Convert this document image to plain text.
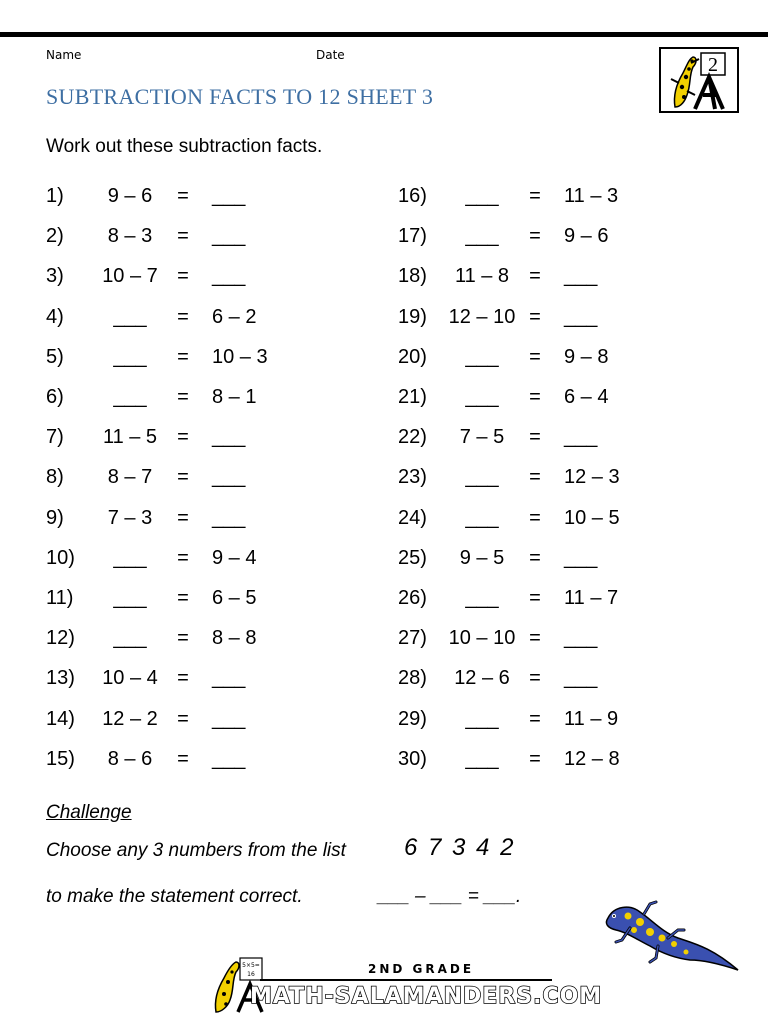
Name	Date
SUBTRACTION FACTS TO 12 SHEET 3
2
Work out these subtraction facts.
1)	9 – 6	= ___
2)	8 – 3	= ___
3)	10 – 7 = ___
4)	___	= 6 – 2
5)	___	= 10 – 3
6)	___	= 8 – 1
7)	11 – 5	= ___
8)	8 – 7	= ___
9)	7 – 3	= ___
10)	___	= 9 – 4
11)	___	= 6 – 5
12)	___	= 8 – 8
13)	10 – 4 = ___
14)	12 – 2 = ___
15)	8 – 6	= ___
16)	___	= 11 – 3
17)	___	= 9 – 6
18)	11 – 8	= ___
19)	12 – 10 = ___
20)	___	= 9 – 8
21)	___	= 6 – 4
22)	7 – 5	= ___
23)	___	= 12 – 3
24)	___	= 10 – 5
25)	9 – 5	= ___
26)	___	= 11 – 7
27)	10 – 10 = ___
28)	12 – 6 = ___
29)	___	= 11 – 9
30)	___	= 12 – 8
Challenge
Choose any 3 numbers from the list 6 7 3 4 2
to make the statement correct.	___ – ___ = ___.
5×5=
16	2ND GRADE
MATH-SALAMANDERS.COM
